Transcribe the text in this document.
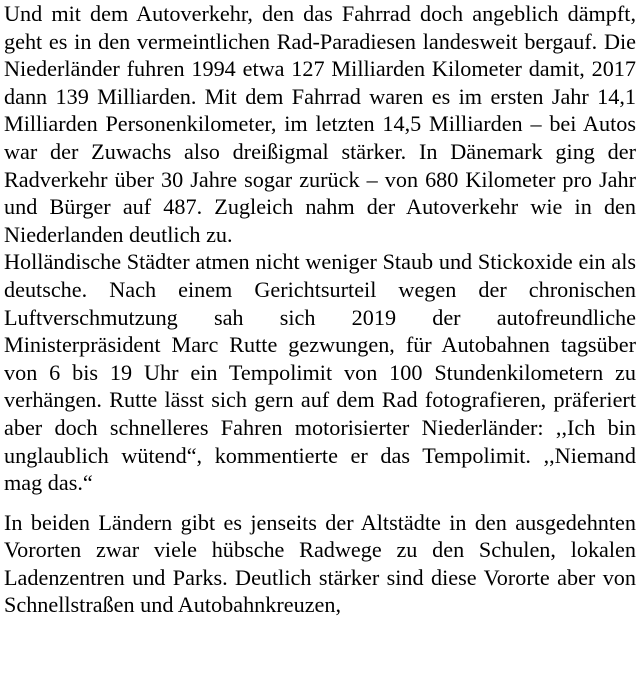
Und mit dem Autoverkehr, den das Fahrrad doch angeblich dämpft, geht es in den vermeintlichen Rad-Paradiesen landesweit bergauf. Die Niederländer fuhren 1994 etwa 127 Milliarden Kilometer damit, 2017 dann 139 Milliarden. Mit dem Fahrrad waren es im ersten Jahr 14,1 Milliarden Personenkilometer, im letzten 14,5 Milliarden – bei Autos war der Zuwachs also dreißigmal stärker. In Dänemark ging der Radverkehr über 30 Jahre sogar zurück – von 680 Kilometer pro Jahr und Bürger auf 487. Zugleich nahm der Autoverkehr wie in den Niederlanden deutlich zu.

Holländische Städter atmen nicht weniger Staub und Stickoxide ein als deutsche. Nach einem Gerichtsurteil wegen der chronischen Luftverschmutzung sah sich 2019 der autofreundliche Ministerpräsident Marc Rutte gezwungen, für Autobahnen tagsüber von 6 bis 19 Uhr ein Tempolimit von 100 Stundenkilometern zu verhängen. Rutte lässt sich gern auf dem Rad fotografieren, präferiert aber doch schnelleres Fahren motorisierter Niederländer: ,,Ich bin unglaublich wütend“, kommentierte er das Tempolimit. ,,Niemand mag das.“

In beiden Ländern gibt es jenseits der Altstädte in den ausgedehnten Vororten zwar viele hübsche Radwege zu den Schulen, lokalen Ladenzentren und Parks. Deutlich stärker sind diese Vororte aber von Schnellstraßen und Autobahnkreuzen,
